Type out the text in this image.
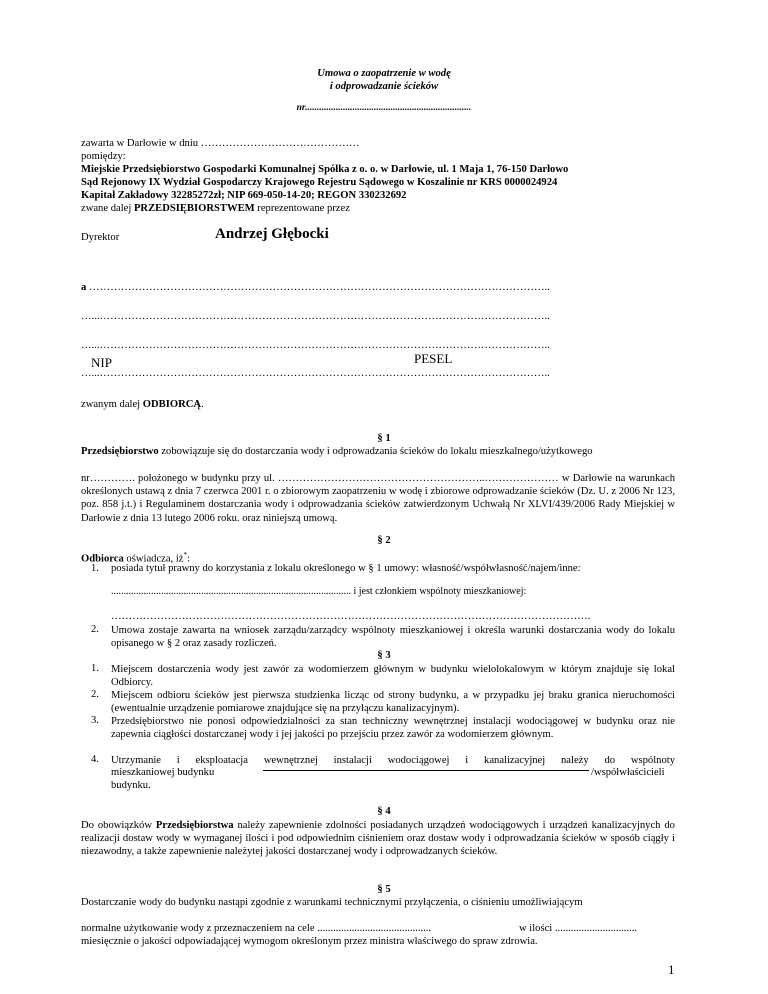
Umowa o zaopatrzenie w wodę
i odprowadzanie ścieków
nr......................................................................
zawarta w Darłowie w dniu ………………………………………
pomiędzy:
Miejskie Przedsiębiorstwo Gospodarki Komunalnej Spółka z o. o. w Darłowie, ul. 1 Maja 1, 76-150 Darłowo
Sąd Rejonowy IX Wydział Gospodarczy Krajowego Rejestru Sądowego w Koszalinie nr KRS 0000024924
Kapitał Zakładowy 32285272zł; NIP 669-050-14-20; REGON 330232692
zwane dalej PRZEDSIĘBIORSTWEM reprezentowane przez
Dyrektor	Andrzej Głębocki
a …………………………………………………………………………………………………………………..
…...………………………………………………………………………………………………………………..
…...………………………………………………………………………………………………………………..
NIP	PESEL
…...………………………………………………………………………………………………………………..
zwanym dalej ODBIORCĄ.
§ 1
Przedsiębiorstwo zobowiązuje się do dostarczania wody i odprowadzania ścieków do lokalu mieszkalnego/użytkowego
nr…………. położonego w budynku przy ul. …………………………………………………..………………… w Darłowie na warunkach określonych ustawą z dnia 7 czerwca 2001 r. o zbiorowym zaopatrzeniu w wodę i zbiorowe odprowadzanie ścieków (Dz. U. z 2006 Nr 123, poz. 858 j.t.) i Regulaminem dostarczania wody i odprowadzania ścieków zatwierdzonym Uchwałą Nr XLVI/439/2006 Rady Miejskiej w Darłowie z dnia 13 lutego 2006 roku. oraz niniejszą umową.
§ 2
Odbiorca oświadcza, iż*:
1. posiada tytuł prawny do korzystania z lokalu określonego w § 1 umowy: własność/współwłasność/najem/inne:
................................................................................................ i jest członkiem wspólnoty mieszkaniowej:
……………………………………………………………………………………………………………………….
2. Umowa zostaje zawarta na wniosek zarządu/zarządcy wspólnoty mieszkaniowej i określa warunki dostarczania wody do lokalu opisanego w § 2 oraz zasady rozliczeń.
§ 3
1. Miejscem dostarczenia wody jest zawór za wodomierzem głównym w budynku wielolokalowym w którym znajduje się lokal Odbiorcy.
2. Miejscem odbioru ścieków jest pierwsza studzienka licząc od strony budynku, a w przypadku jej braku granica nieruchomości (ewentualnie urządzenie pomiarowe znajdujące się na przyłączu kanalizacyjnym).
3. Przedsiębiorstwo nie ponosi odpowiedzialności za stan techniczny wewnętrznej instalacji wodociągowej w budynku oraz nie zapewnia ciągłości dostarczanej wody i jej jakości po przejściu przez zawór za wodomierzem głównym.
4. Utrzymanie i eksploatacja wewnętrznej instalacji wodociągowej i kanalizacyjnej należy do wspólnoty
mieszkaniowej budynku	/współwłaścicieli
budynku.
§ 4
Do obowiązków Przedsiębiorstwa należy zapewnienie zdolności posiadanych urządzeń wodociągowych i urządzeń kanalizacyjnych do realizacji dostaw wody w wymaganej ilości i pod odpowiednim ciśnieniem oraz dostaw wody i odprowadzania ścieków w sposób ciągły i niezawodny, a także zapewnienie należytej jakości dostarczanej wody i odprowadzanych ścieków.
§ 5
Dostarczanie wody do budynku nastąpi zgodnie z warunkami technicznymi przyłączenia, o ciśnieniu umożliwiającym
normalne użytkowanie wody z przeznaczeniem na cele ...........................................	w ilości ...............................
miesięcznie o jakości odpowiadającej wymogom określonym przez ministra właściwego do spraw zdrowia.
1
